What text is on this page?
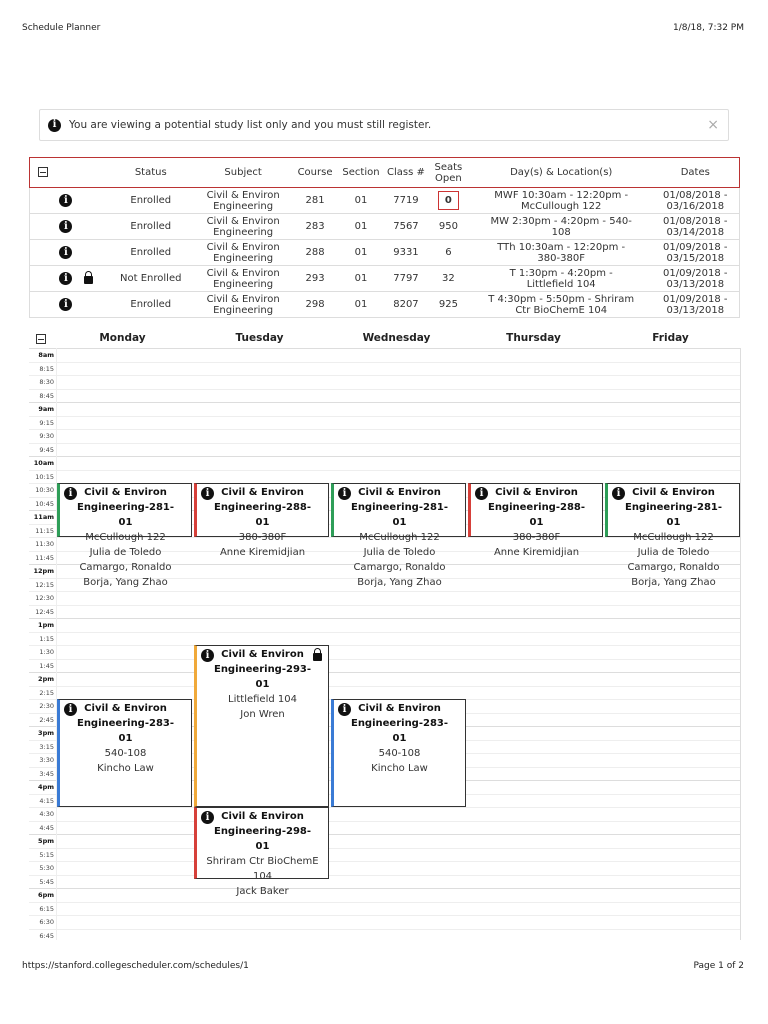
Schedule Planner	1/8/18, 7:32 PM
i	You are viewing a potential study list only and you must still register.	×
		Status	Subject	Course	Section	Class #	Seats Open	Day(s) & Location(s)	Dates
	i	Enrolled	Civil & Environ Engineering	281	01	7719	0	MWF 10:30am - 12:20pm - McCullough 122	01/08/2018 - 03/16/2018
	i	Enrolled	Civil & Environ Engineering	283	01	7567	950	MW 2:30pm - 4:20pm - 540-108	01/08/2018 - 03/14/2018
	i	Enrolled	Civil & Environ Engineering	288	01	9331	6	TTh 10:30am - 12:20pm - 380-380F	01/09/2018 - 03/15/2018
	i	Not Enrolled	Civil & Environ Engineering	293	01	7797	32	T 1:30pm - 4:20pm - Littlefield 104	01/09/2018 - 03/13/2018
	i	Enrolled	Civil & Environ Engineering	298	01	8207	925	T 4:30pm - 5:50pm - Shriram Ctr BioChemE 104	01/09/2018 - 03/13/2018
Monday	Tuesday	Wednesday	Thursday	Friday
8am
8:15
8:30
8:45
9am
9:15
9:30
9:45
10am
10:15
10:30
10:45
11am
11:15
11:30
11:45
12pm
12:15
12:30
12:45
1pm
1:15
1:30
1:45
2pm
2:15
2:30
2:45
3pm
3:15
3:30
3:45
4pm
4:15
4:30
4:45
5pm
5:15
5:30
5:45
6pm
6:15
6:30
6:45
i	Civil & Environ Engineering-281-01
McCullough 122
Julia de Toledo Camargo, Ronaldo Borja, Yang Zhao
i	Civil & Environ Engineering-288-01
380-380F
Anne Kiremidjian
i	Civil & Environ Engineering-281-01
McCullough 122
Julia de Toledo Camargo, Ronaldo Borja, Yang Zhao
i	Civil & Environ Engineering-288-01
380-380F
Anne Kiremidjian
i	Civil & Environ Engineering-281-01
McCullough 122
Julia de Toledo Camargo, Ronaldo Borja, Yang Zhao
i	Civil & Environ Engineering-293-01
Littlefield 104
Jon Wren
i	Civil & Environ Engineering-283-01
540-108
Kincho Law
i	Civil & Environ Engineering-283-01
540-108
Kincho Law
i	Civil & Environ Engineering-298-01
Shriram Ctr BioChemE 104
Jack Baker
https://stanford.collegescheduler.com/schedules/1	Page 1 of 2
